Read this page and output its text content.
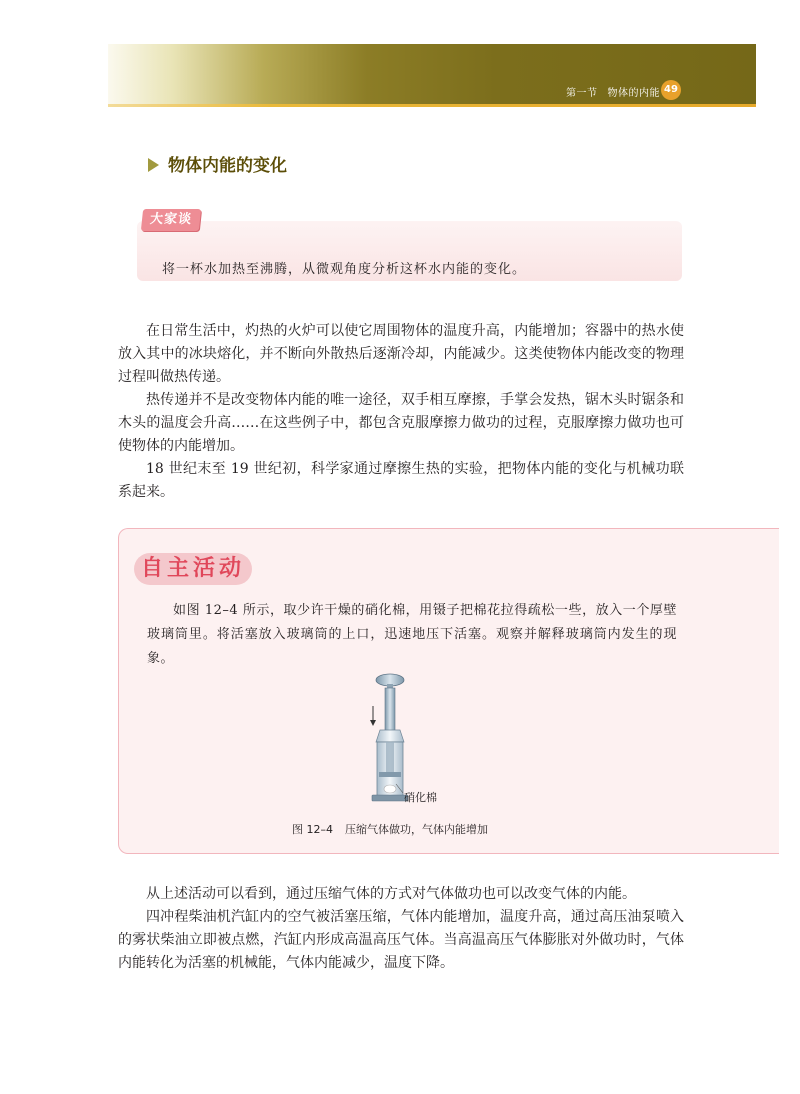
第一节 物体的内能 49
物体内能的变化
大家谈
将一杯水加热至沸腾，从微观角度分析这杯水内能的变化。

在日常生活中，灼热的火炉可以使它周围物体的温度升高，内能增加；容器中的热水使放入其中的冰块熔化，并不断向外散热后逐渐冷却，内能减少。这类使物体内能改变的物理过程叫做热传递。

热传递并不是改变物体内能的唯一途径，双手相互摩擦，手掌会发热，锯木头时锯条和木头的温度会升高……在这些例子中，都包含克服摩擦力做功的过程，克服摩擦力做功也可使物体的内能增加。

18 世纪末至 19 世纪初，科学家通过摩擦生热的实验，把物体内能的变化与机械功联系起来。

自主活动

如图 12–4 所示，取少许干燥的硝化棉，用镊子把棉花拉得疏松一些，放入一个厚壁玻璃筒里。将活塞放入玻璃筒的上口，迅速地压下活塞。观察并解释玻璃筒内发生的现象。

硝化棉
图 12–4 压缩气体做功，气体内能增加

从上述活动可以看到，通过压缩气体的方式对气体做功也可以改变气体的内能。

四冲程柴油机汽缸内的空气被活塞压缩，气体内能增加，温度升高，通过高压油泵喷入的雾状柴油立即被点燃，汽缸内形成高温高压气体。当高温高压气体膨胀对外做功时，气体内能转化为活塞的机械能，气体内能减少，温度下降。
